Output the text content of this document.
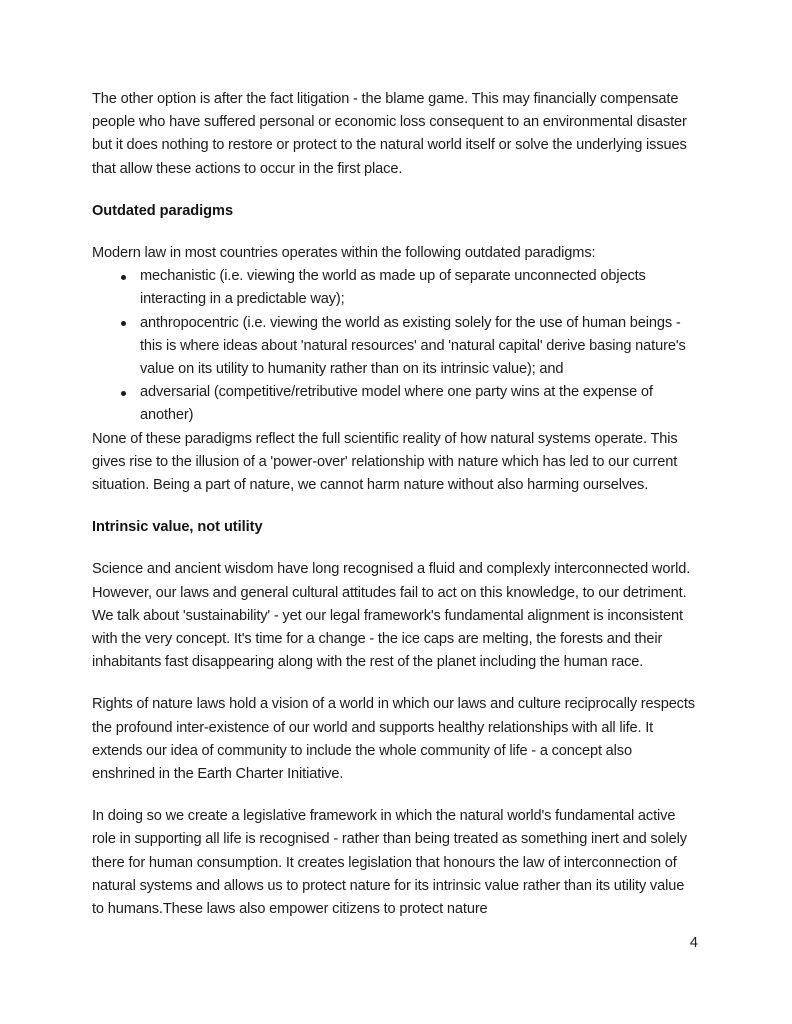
The other option is after the fact litigation - the blame game. This may financially compensate people who have suffered personal or economic loss consequent to an environmental disaster but it does nothing to restore or protect to the natural world itself or solve the underlying issues that allow these actions to occur in the first place.

Outdated paradigms

Modern law in most countries operates within the following outdated paradigms:

mechanistic (i.e. viewing the world as made up of separate unconnected objects interacting in a predictable way);
anthropocentric (i.e. viewing the world as existing solely for the use of human beings - this is where ideas about 'natural resources' and 'natural capital' derive basing nature's value on its utility to humanity rather than on its intrinsic value); and
adversarial (competitive/retributive model where one party wins at the expense of another)

None of these paradigms reflect the full scientific reality of how natural systems operate. This gives rise to the illusion of a 'power-over' relationship with nature which has led to our current situation. Being a part of nature, we cannot harm nature without also harming ourselves.

Intrinsic value, not utility

Science and ancient wisdom have long recognised a fluid and complexly interconnected world. However, our laws and general cultural attitudes fail to act on this knowledge, to our detriment. We talk about 'sustainability' - yet our legal framework's fundamental alignment is inconsistent with the very concept. It's time for a change - the ice caps are melting, the forests and their inhabitants fast disappearing along with the rest of the planet including the human race.

Rights of nature laws hold a vision of a world in which our laws and culture reciprocally respects the profound inter-existence of our world and supports healthy relationships with all life. It extends our idea of community to include the whole community of life - a concept also enshrined in the Earth Charter Initiative.

In doing so we create a legislative framework in which the natural world's fundamental active role in supporting all life is recognised - rather than being treated as something inert and solely there for human consumption. It creates legislation that honours the law of interconnection of natural systems and allows us to protect nature for its intrinsic value rather than its utility value to humans.These laws also empower citizens to protect nature

4
